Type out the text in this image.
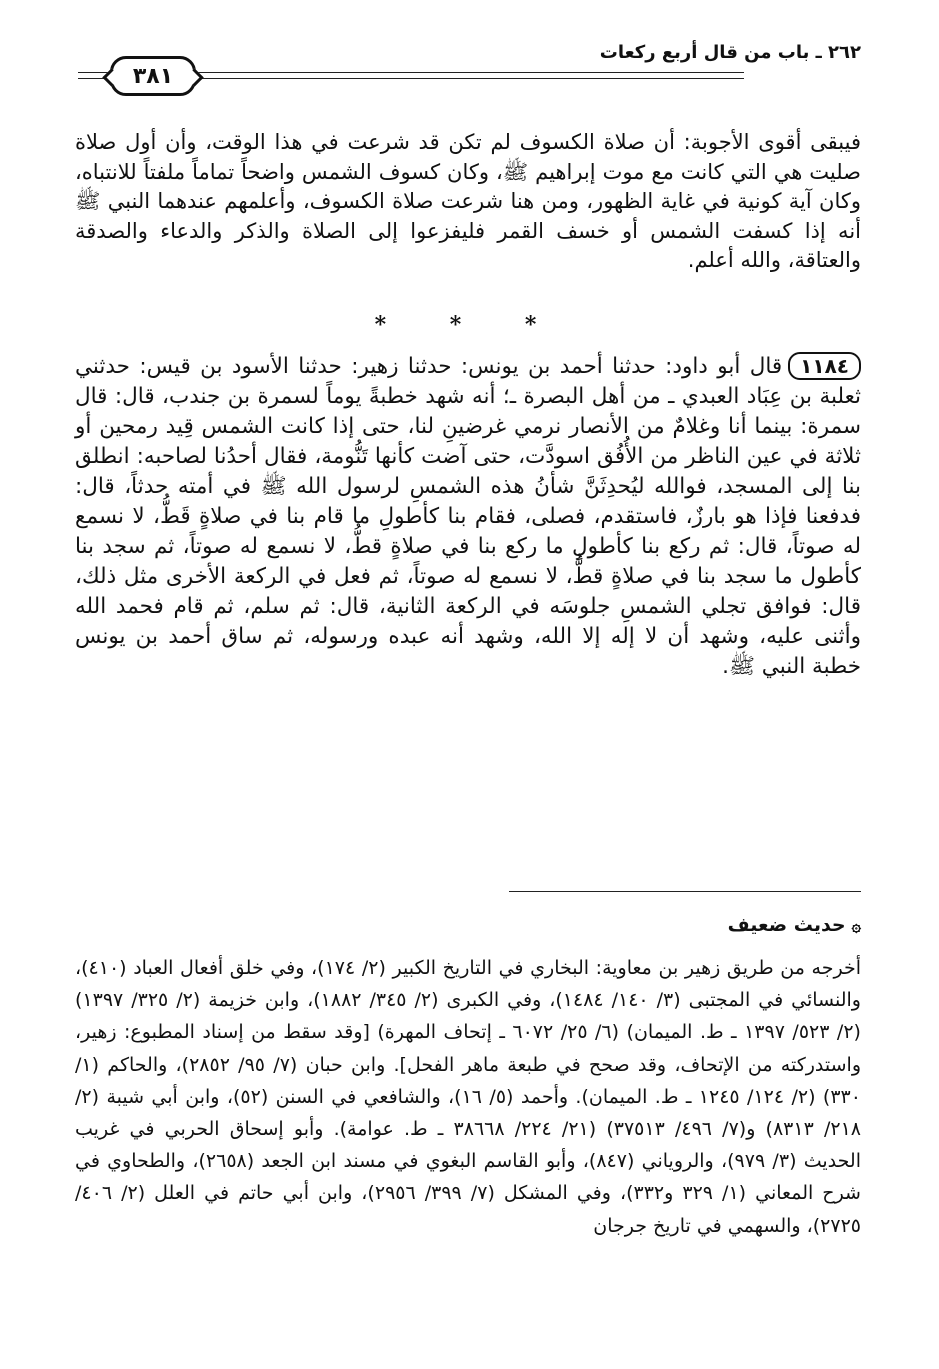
٢٦٢ ـ باب من قال أربع ركعات
٣٨١
فيبقى أقوى الأجوبة: أن صلاة الكسوف لم تكن قد شرعت في هذا الوقت، وأن أول صلاة صليت هي التي كانت مع موت إبراهيم ﷺ، وكان كسوف الشمس واضحاً تماماً ملفتاً للانتباه، وكان آية كونية في غاية الظهور، ومن هنا شرعت صلاة الكسوف، وأعلمهم عندهما النبي ﷺ أنه إذا كسفت الشمس أو خسف القمر فليفزعوا إلى الصلاة والذكر والدعاء والصدقة والعتاقة، والله أعلم.
* * *
١١٨٤قال أبو داود: حدثنا أحمد بن يونس: حدثنا زهير: حدثنا الأسود بن قيس: حدثني ثعلبة بن عِبَاد العبدي ـ من أهل البصرة ـ؛ أنه شهد خطبةً يوماً لسمرة بن جندب، قال: قال سمرة: بينما أنا وغلامٌ من الأنصار نرمي غرضينِ لنا، حتى إذا كانت الشمس قِيد رمحين أو ثلاثة في عين الناظر من الأُفُق اسودَّت، حتى آضت كأنها تَنُّومة، فقال أحدُنا لصاحبه: انطلق بنا إلى المسجد، فوالله ليُحدِثَنَّ شأنُ هذه الشمسِ لرسول الله ﷺ في أمته حدثاً، قال: فدفعنا فإذا هو بارزٌ، فاستقدم، فصلى، فقام بنا كأطولِ ما قام بنا في صلاةٍ قَطُّ، لا نسمع له صوتاً، قال: ثم ركع بنا كأطولِ ما ركع بنا في صلاةٍ قطُّ، لا نسمع له صوتاً، ثم سجد بنا كأطول ما سجد بنا في صلاةٍ قطُّ، لا نسمع له صوتاً، ثم فعل في الركعة الأخرى مثل ذلك، قال: فوافق تجلي الشمسِ جلوسَه في الركعة الثانية، قال: ثم سلم، ثم قام فحمد الله وأثنى عليه، وشهد أن لا إله إلا الله، وشهد أنه عبده ورسوله، ثم ساق أحمد بن يونس خطبة النبي ﷺ.
۞حديث ضعيف
أخرجه من طريق زهير بن معاوية: البخاري في التاريخ الكبير (٢/ ١٧٤)، وفي خلق أفعال العباد (٤١٠)، والنسائي في المجتبى (٣/ ١٤٠/ ١٤٨٤)، وفي الكبرى (٢/ ٣٤٥/ ١٨٨٢)، وابن خزيمة (٢/ ٣٢٥/ ١٣٩٧) (٢/ ٥٢٣/ ١٣٩٧ ـ ط. الميمان) (٦/ ٢٥/ ٦٠٧٢ ـ إتحاف المهرة) [وقد سقط من إسناد المطبوع: زهير، واستدركته من الإتحاف، وقد صحح في طبعة ماهر الفحل]. وابن حبان (٧/ ٩٥/ ٢٨٥٢)، والحاكم (١/ ٣٣٠) (٢/ ١٢٤/ ١٢٤٥ ـ ط. الميمان). وأحمد (٥/ ١٦)، والشافعي في السنن (٥٢)، وابن أبي شيبة (٢/ ٢١٨/ ٨٣١٣) و(٧/ ٤٩٦/ ٣٧٥١٣) (٢١/ ٢٢٤/ ٣٨٦٦٨ ـ ط. عوامة). وأبو إسحاق الحربي في غريب الحديث (٣/ ٩٧٩)، والروياني (٨٤٧)، وأبو القاسم البغوي في مسند ابن الجعد (٢٦٥٨)، والطحاوي في شرح المعاني (١/ ٣٢٩ و٣٣٢)، وفي المشكل (٧/ ٣٩٩/ ٢٩٥٦)، وابن أبي حاتم في العلل (٢/ ٤٠٦/ ٢٧٢٥)، والسهمي في تاريخ جرجان
